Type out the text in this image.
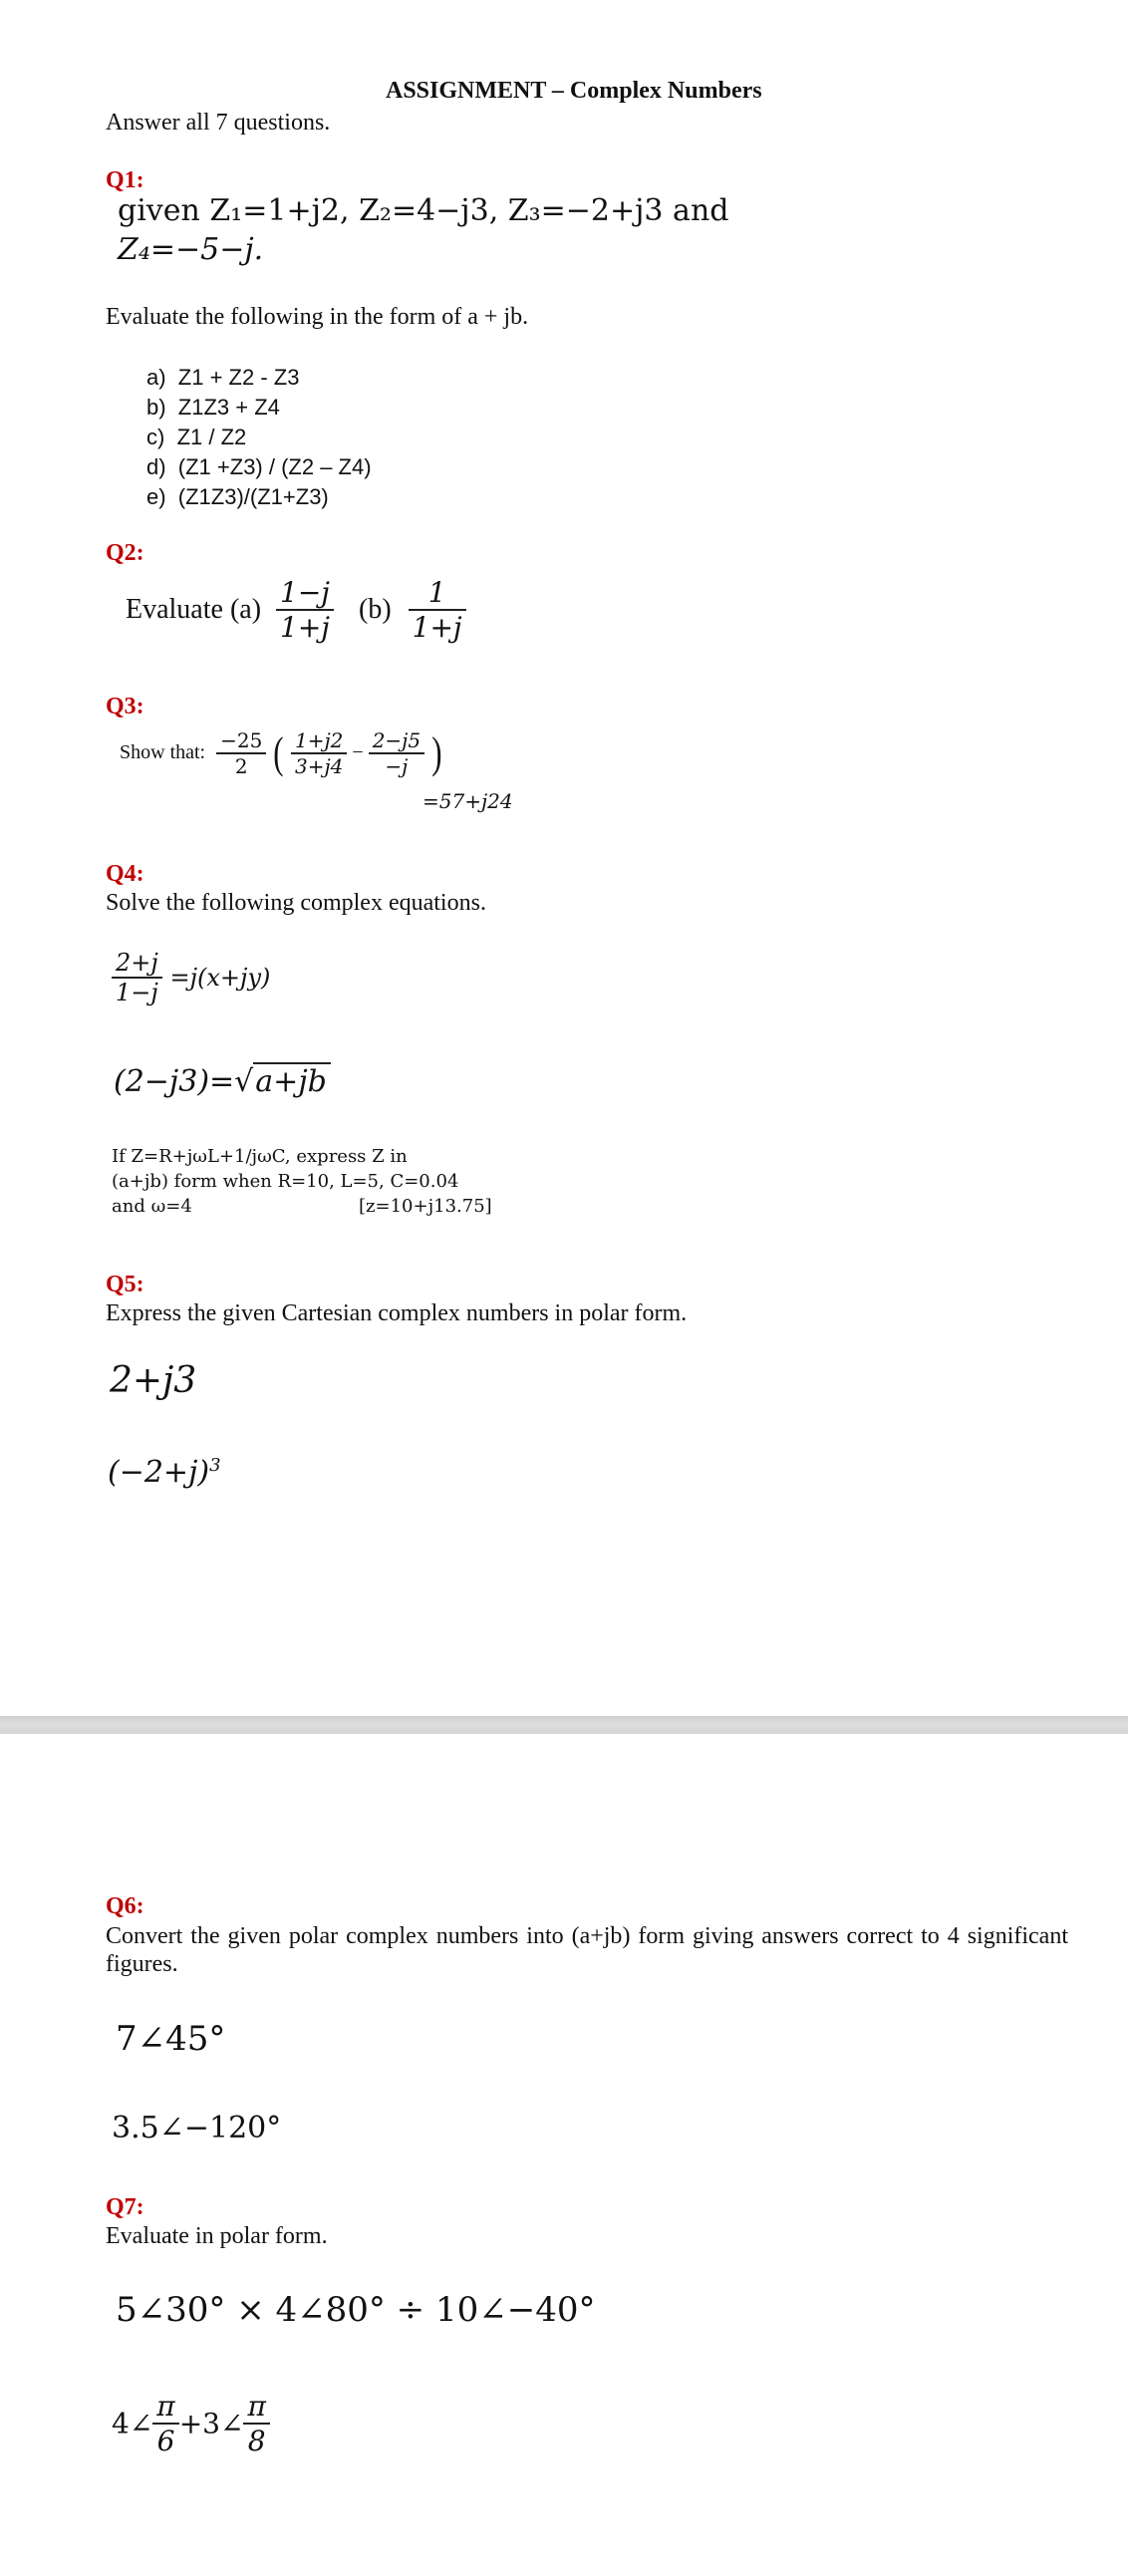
ASSIGNMENT – Complex Numbers
Answer all 7 questions.
Q1:
given Z₁=1+j2, Z₂=4−j3, Z₃=−2+j3 and
Z₄=−5−j.
Evaluate the following in the form of a + jb.
a) Z1 + Z2 - Z3
b) Z1Z3 + Z4
c) Z1 / Z2
d) (Z1 +Z3) / (Z2 – Z4)
e) (Z1Z3)/(Z1+Z3)
Q2:
Evaluate $(a) \frac{1-j}{1+j} (b) \frac{1}{1+j}$
Q3:
Show that: $\frac{-25}{2}$ ( $\frac{1+j2}{3+j4} - \frac{2-j5}{-j}$ )
=57+j24
Q4:
Solve the following complex equations.
$\frac{2+j}{1-j} =j(x+jy)$
(2−j3)=√a+jb
If Z=R+jωL+1/jωC, express Z in
(a+jb) form when R=10, L=5, C=0.04
and ω=4	[z=10+j13.75]
Q5:
Express the given Cartesian complex numbers in polar form.
2+j3
$(-2+j)^3$
Q6:
Convert the given polar complex numbers into (a+jb) form giving answers correct to 4 significant figures.
7∠45°
3.5∠−120°
Q7:
Evaluate in polar form.
5∠30° × 4∠80° ÷ 10∠−40°
4∠ $\frac{\pi}{6}$ +3∠ $\frac{\pi}{8}$
